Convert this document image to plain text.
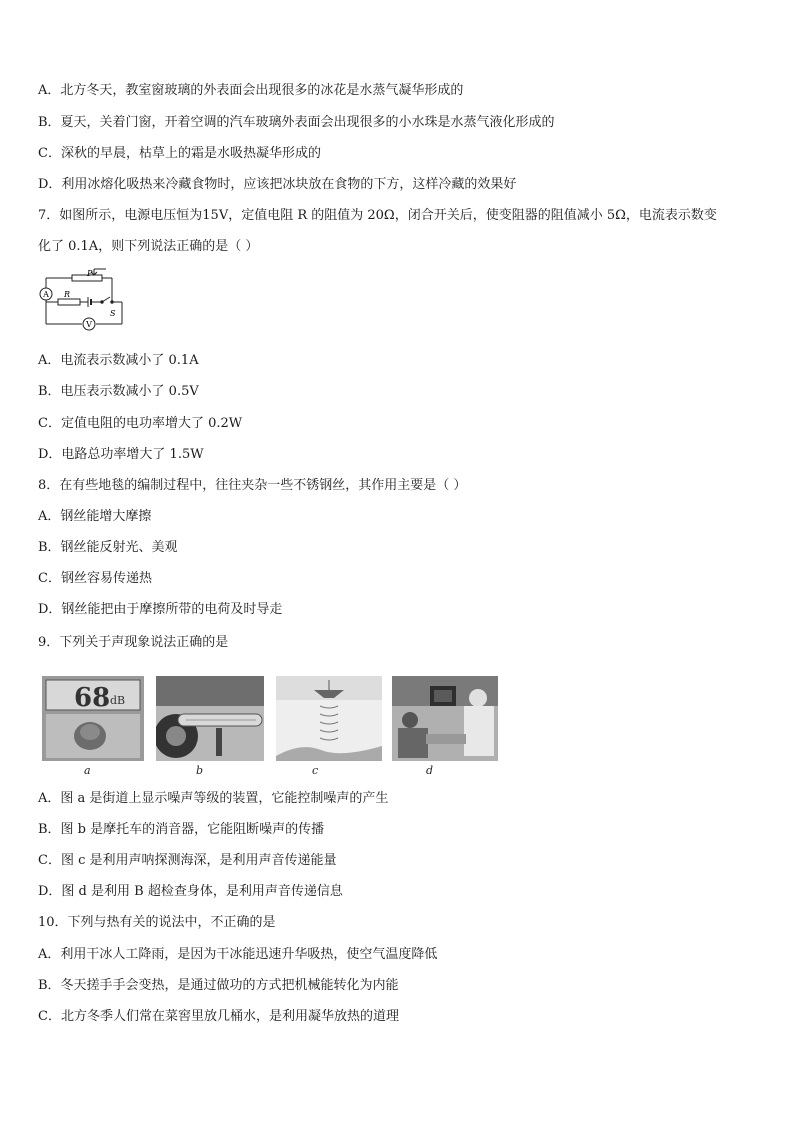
A．北方冬天，教室窗玻璃的外表面会出现很多的冰花是水蒸气凝华形成的
B．夏天，关着门窗，开着空调的汽车玻璃外表面会出现很多的小水珠是水蒸气液化形成的
C．深秋的早晨，枯草上的霜是水吸热凝华形成的
D．利用冰熔化吸热来冷藏食物时，应该把冰块放在食物的下方，这样冷藏的效果好
7．如图所示，电源电压恒为15V，定值电阻 R 的阻值为 20Ω，闭合开关后，使变阻器的阻值减小 5Ω，电流表示数变
化了 0.1A，则下列说法正确的是（ ）
A
V
P
R
S
A．电流表示数减小了 0.1A
B．电压表示数减小了 0.5V
C．定值电阻的电功率增大了 0.2W
D．电路总功率增大了 1.5W
8．在有些地毯的编制过程中，往往夹杂一些不锈钢丝，其作用主要是（ ）
A．钢丝能增大摩擦
B．钢丝能反射光、美观
C．钢丝容易传递热
D．钢丝能把由于摩擦所带的电荷及时导走
9．下列关于声现象说法正确的是
68 dB
a	b	c	d
A．图 a 是街道上显示噪声等级的装置，它能控制噪声的产生
B．图 b 是摩托车的消音器，它能阻断噪声的传播
C．图 c 是利用声呐探测海深，是利用声音传递能量
D．图 d 是利用 B 超检查身体，是利用声音传递信息
10．下列与热有关的说法中，不正确的是
A．利用干冰人工降雨，是因为干冰能迅速升华吸热，使空气温度降低
B．冬天搓手手会变热，是通过做功的方式把机械能转化为内能
C．北方冬季人们常在菜窖里放几桶水，是利用凝华放热的道理
